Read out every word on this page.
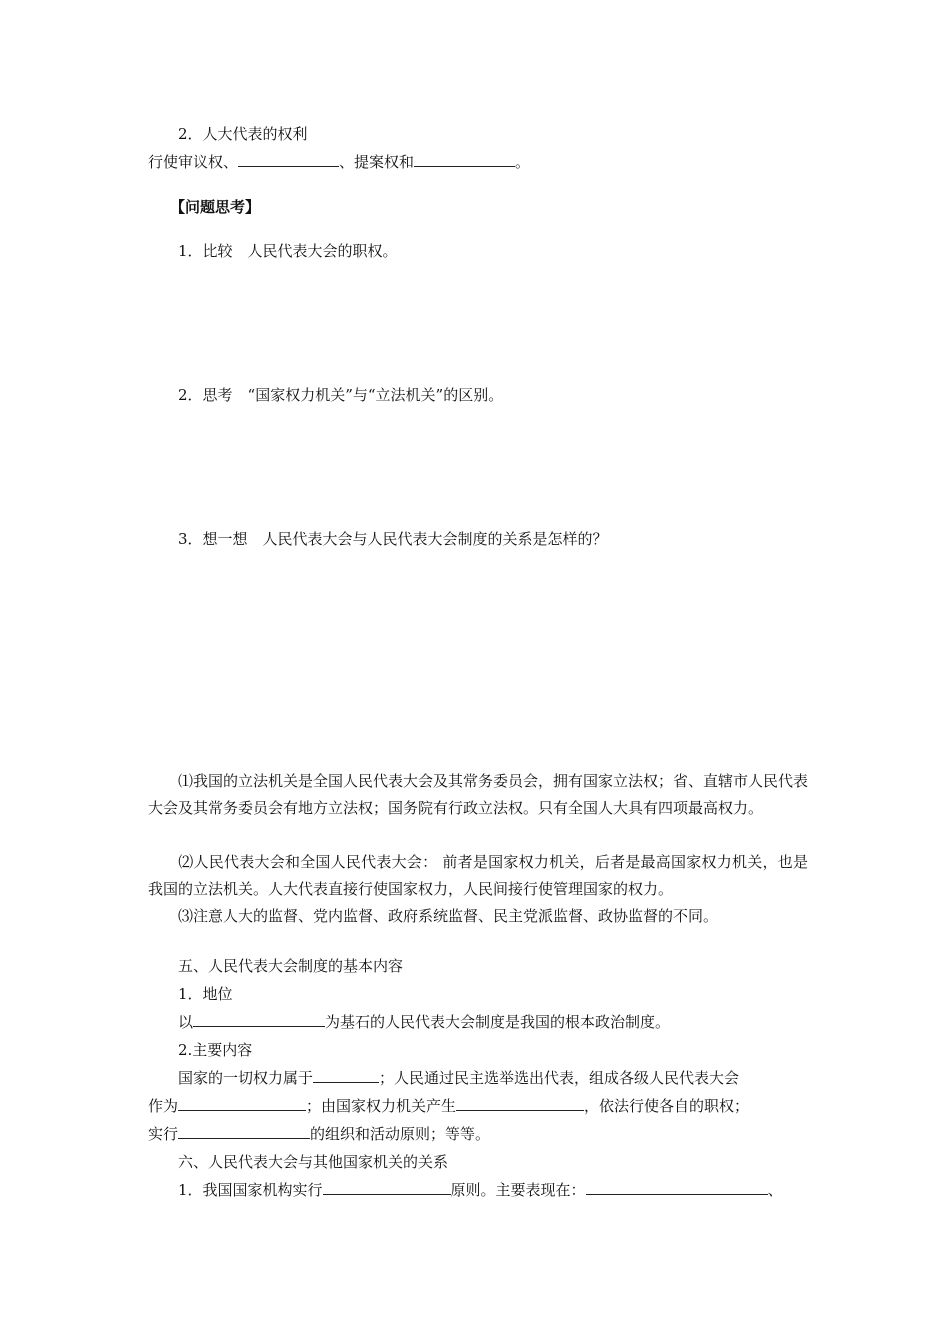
2．人大代表的权利
行使审议权、	、提案权和	。
【问题思考】
1．比较　人民代表大会的职权。
2．思考　“国家权力机关”与“立法机关”的区别。
3．想一想　人民代表大会与人民代表大会制度的关系是怎样的？
⑴我国的立法机关是全国人民代表大会及其常务委员会，拥有国家立法权；省、直辖市人民代表大会及其常务委员会有地方立法权；国务院有行政立法权。只有全国人大具有四项最高权力。
⑵人民代表大会和全国人民代表大会： 前者是国家权力机关，后者是最高国家权力机关，也是我国的立法机关。人大代表直接行使国家权力，人民间接行使管理国家的权力。
⑶注意人大的监督、党内监督、政府系统监督、民主党派监督、政协监督的不同。
五、人民代表大会制度的基本内容
1．地位
以	为基石的人民代表大会制度是我国的根本政治制度。
2.主要内容
国家的一切权力属于	；人民通过民主选举选出代表，组成各级人民代表大会
作为	；由国家权力机关产生	，依法行使各自的职权；
实行	的组织和活动原则；等等。
六、人民代表大会与其他国家机关的关系
1．我国国家机构实行	原则。主要表现在：	、
